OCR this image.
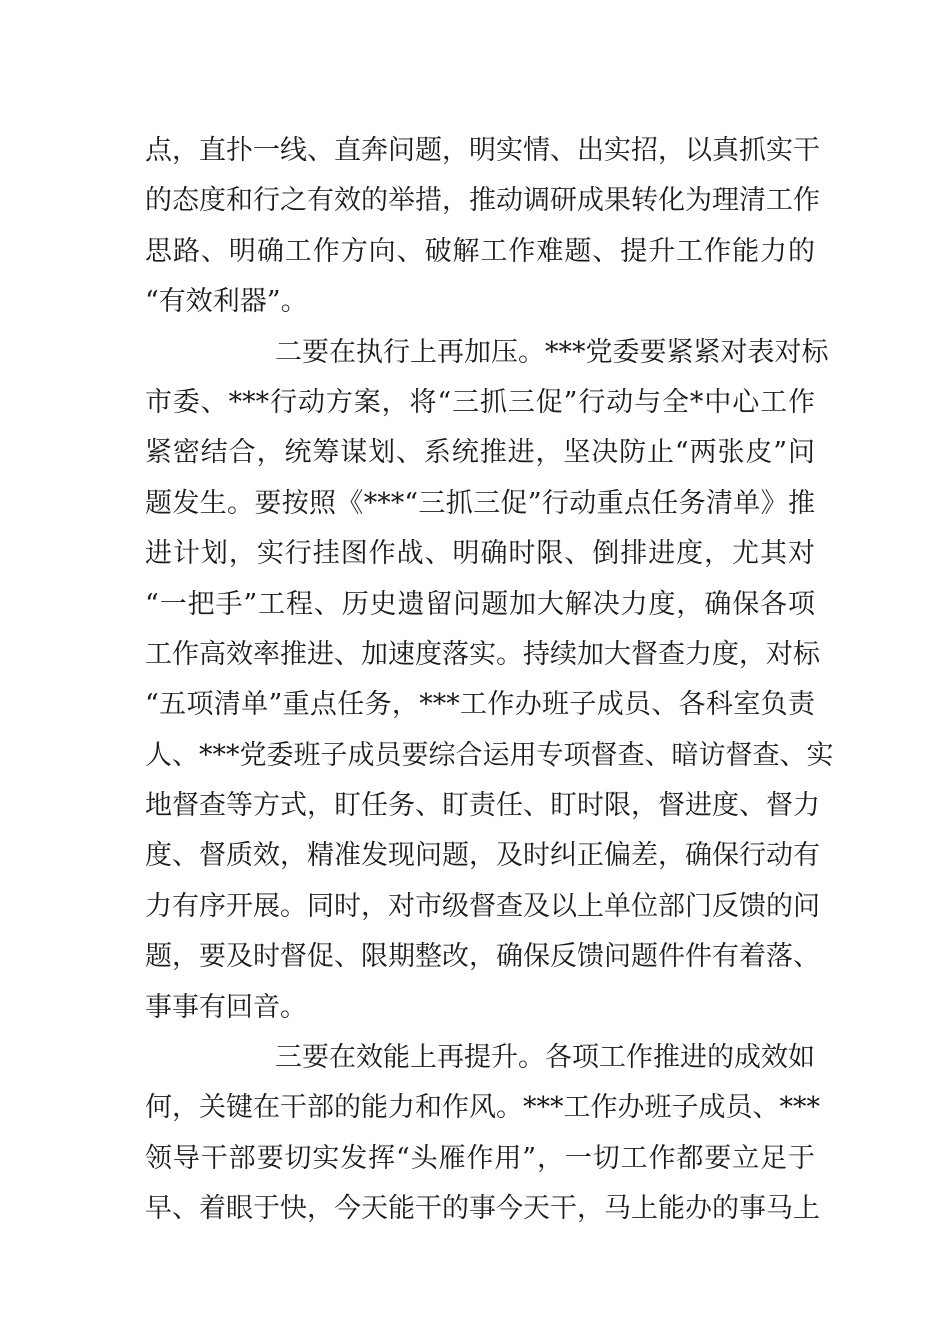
点，直扑一线、直奔问题，明实情、出实招，以真抓实干
的态度和行之有效的举措，推动调研成果转化为理清工作
思路、明确工作方向、破解工作难题、提升工作能力的
“有效利器”。
二要在执行上再加压。***党委要紧紧对表对标
市委、***行动方案，将“三抓三促”行动与全*中心工作
紧密结合，统筹谋划、系统推进，坚决防止“两张皮”问
题发生。要按照《***“三抓三促”行动重点任务清单》推
进计划，实行挂图作战、明确时限、倒排进度，尤其对
“一把手”工程、历史遗留问题加大解决力度，确保各项
工作高效率推进、加速度落实。持续加大督查力度，对标
“五项清单”重点任务，***工作办班子成员、各科室负责
人、***党委班子成员要综合运用专项督查、暗访督查、实
地督查等方式，盯任务、盯责任、盯时限，督进度、督力
度、督质效，精准发现问题，及时纠正偏差，确保行动有
力有序开展。同时，对市级督查及以上单位部门反馈的问
题，要及时督促、限期整改，确保反馈问题件件有着落、
事事有回音。
三要在效能上再提升。各项工作推进的成效如
何，关键在干部的能力和作风。***工作办班子成员、***
领导干部要切实发挥“头雁作用”，一切工作都要立足于
早、着眼于快，今天能干的事今天干，马上能办的事马上
